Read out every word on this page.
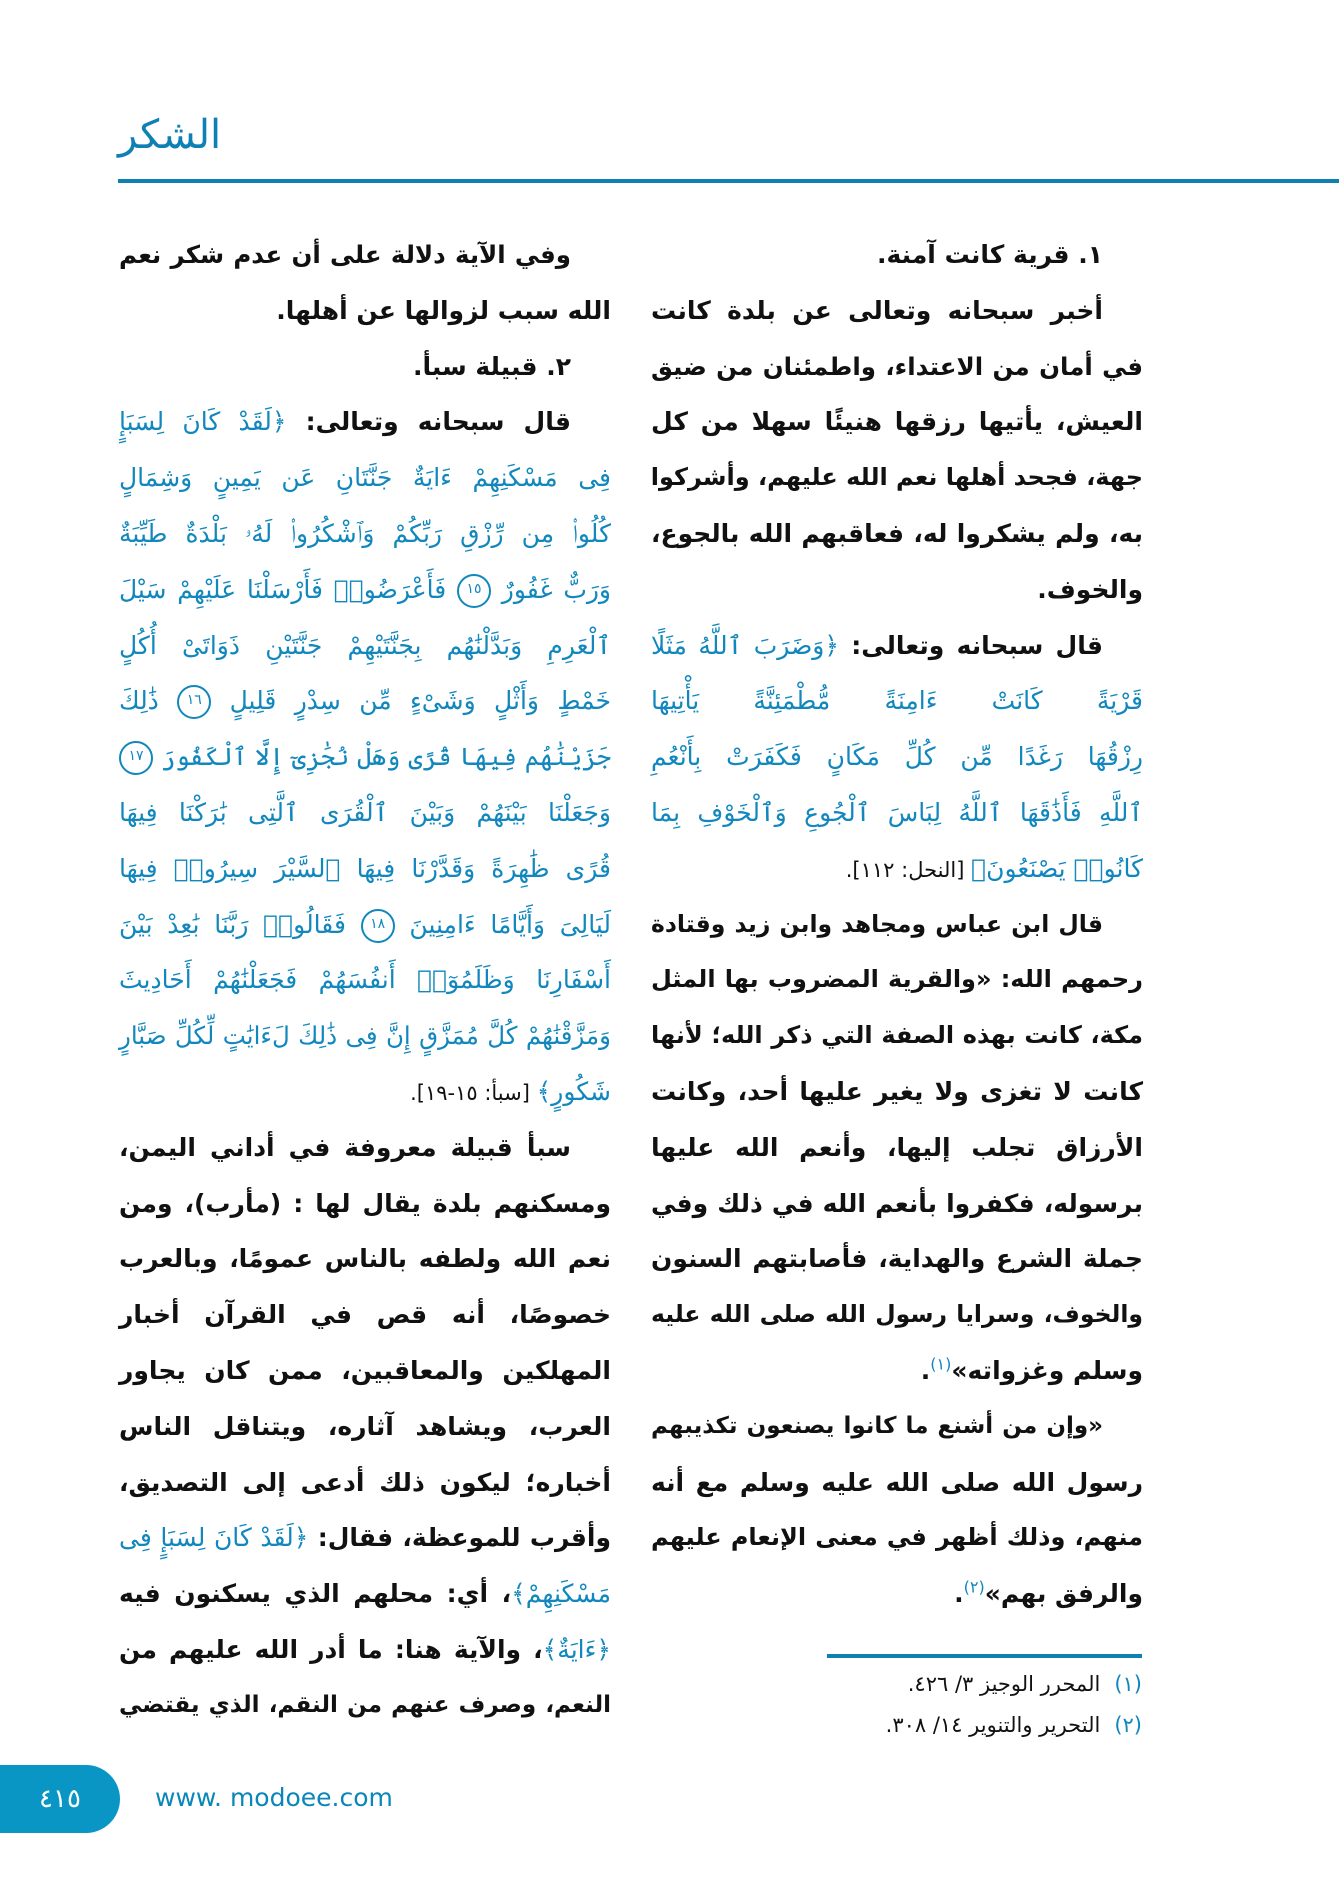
الشكر
١. قرية كانت آمنة.
أخبر سبحانه وتعالى عن بلدة كانت
في أمان من الاعتداء، واطمئنان من ضيق
العيش، يأتيها رزقها هنيئًا سهلا من كل
جهة، فجحد أهلها نعم الله عليهم، وأشركوا
به، ولم يشكروا له، فعاقبهم الله بالجوع،
والخوف.
قال سبحانه وتعالى: ﴿وَضَرَبَ ٱللَّهُ مَثَلًا
قَرْيَةً كَانَتْ ءَامِنَةً مُّطْمَئِنَّةً يَأْتِيهَا
رِزْقُهَا رَغَدًا مِّن كُلِّ مَكَانٍ فَكَفَرَتْ بِأَنْعُمِ
ٱللَّهِ فَأَذَٰقَهَا ٱللَّهُ لِبَاسَ ٱلْجُوعِ وَٱلْخَوْفِ بِمَا
كَانُوا۟ يَصْنَعُونَ﴾ [النحل: ١١٢].
قال ابن عباس ومجاهد وابن زيد وقتادة
رحمهم الله: «والقرية المضروب بها المثل
مكة، كانت بهذه الصفة التي ذكر الله؛ لأنها
كانت لا تغزى ولا يغير عليها أحد، وكانت
الأرزاق تجلب إليها، وأنعم الله عليها
برسوله، فكفروا بأنعم الله في ذلك وفي
جملة الشرع والهداية، فأصابتهم السنون
والخوف، وسرايا رسول الله صلى الله عليه
وسلم وغزواته»$^{(١)}$.
«وإن من أشنع ما كانوا يصنعون تكذيبهم
رسول الله صلى الله عليه وسلم مع أنه
منهم، وذلك أظهر في معنى الإنعام عليهم
والرفق بهم»$^{(٢)}$.
وفي الآية دلالة على أن عدم شكر نعم
الله سبب لزوالها عن أهلها.
٢. قبيلة سبأ.
قال سبحانه وتعالى: ﴿لَقَدْ كَانَ لِسَبَإٍ
فِى مَسْكَنِهِمْ ءَايَةٌ جَنَّتَانِ عَن يَمِينٍ وَشِمَالٍ
كُلُوا۟ مِن رِّزْقِ رَبِّكُمْ وَٱشْكُرُوا۟ لَهُۥ بَلْدَةٌ طَيِّبَةٌ
وَرَبٌّ غَفُورٌ ١٥ فَأَعْرَضُوا۟ فَأَرْسَلْنَا عَلَيْهِمْ سَيْلَ
ٱلْعَرِمِ وَبَدَّلْنَٰهُم بِجَنَّتَيْهِمْ جَنَّتَيْنِ ذَوَاتَىْ أُكُلٍ
خَمْطٍ وَأَثْلٍ وَشَىْءٍ مِّن سِدْرٍ قَلِيلٍ ١٦ ذَٰلِكَ
جَزَيْنَٰهُم فِيهَا قُرًى وَهَلْ نُجَٰزِىٓ إِلَّا ٱلْكَفُورَ ١٧
وَجَعَلْنَا بَيْنَهُمْ وَبَيْنَ ٱلْقُرَى ٱلَّتِى بَٰرَكْنَا فِيهَا
قُرًى ظَٰهِرَةً وَقَدَّرْنَا فِيهَا ٱلسَّيْرَ سِيرُوا۟ فِيهَا
لَيَالِىَ وَأَيَّامًا ءَامِنِينَ ١٨ فَقَالُوا۟ رَبَّنَا بَٰعِدْ بَيْنَ
أَسْفَارِنَا وَظَلَمُوٓا۟ أَنفُسَهُمْ فَجَعَلْنَٰهُمْ أَحَادِيثَ
وَمَزَّقْنَٰهُمْ كُلَّ مُمَزَّقٍ إِنَّ فِى ذَٰلِكَ لَءَايَٰتٍ لِّكُلِّ صَبَّارٍ
شَكُورٍ﴾ [سبأ: ١٥-١٩].
سبأ قبيلة معروفة في أداني اليمن،
ومسكنهم بلدة يقال لها : (مأرب)، ومن
نعم الله ولطفه بالناس عمومًا، وبالعرب
خصوصًا، أنه قص في القرآن أخبار
المهلكين والمعاقبين، ممن كان يجاور
العرب، ويشاهد آثاره، ويتناقل الناس
أخباره؛ ليكون ذلك أدعى إلى التصديق،
وأقرب للموعظة، فقال: ﴿لَقَدْ كَانَ لِسَبَإٍ فِى
مَسْكَنِهِمْ﴾، أي: محلهم الذي يسكنون فيه
﴿ءَايَةٌ﴾، والآية هنا: ما أدر الله عليهم من
النعم، وصرف عنهم من النقم، الذي يقتضي
(١)المحرر الوجيز ٣/ ٤٢٦.
(٢)التحرير والتنوير ١٤/ ٣٠٨.
٤١٥	www. modoee.com
